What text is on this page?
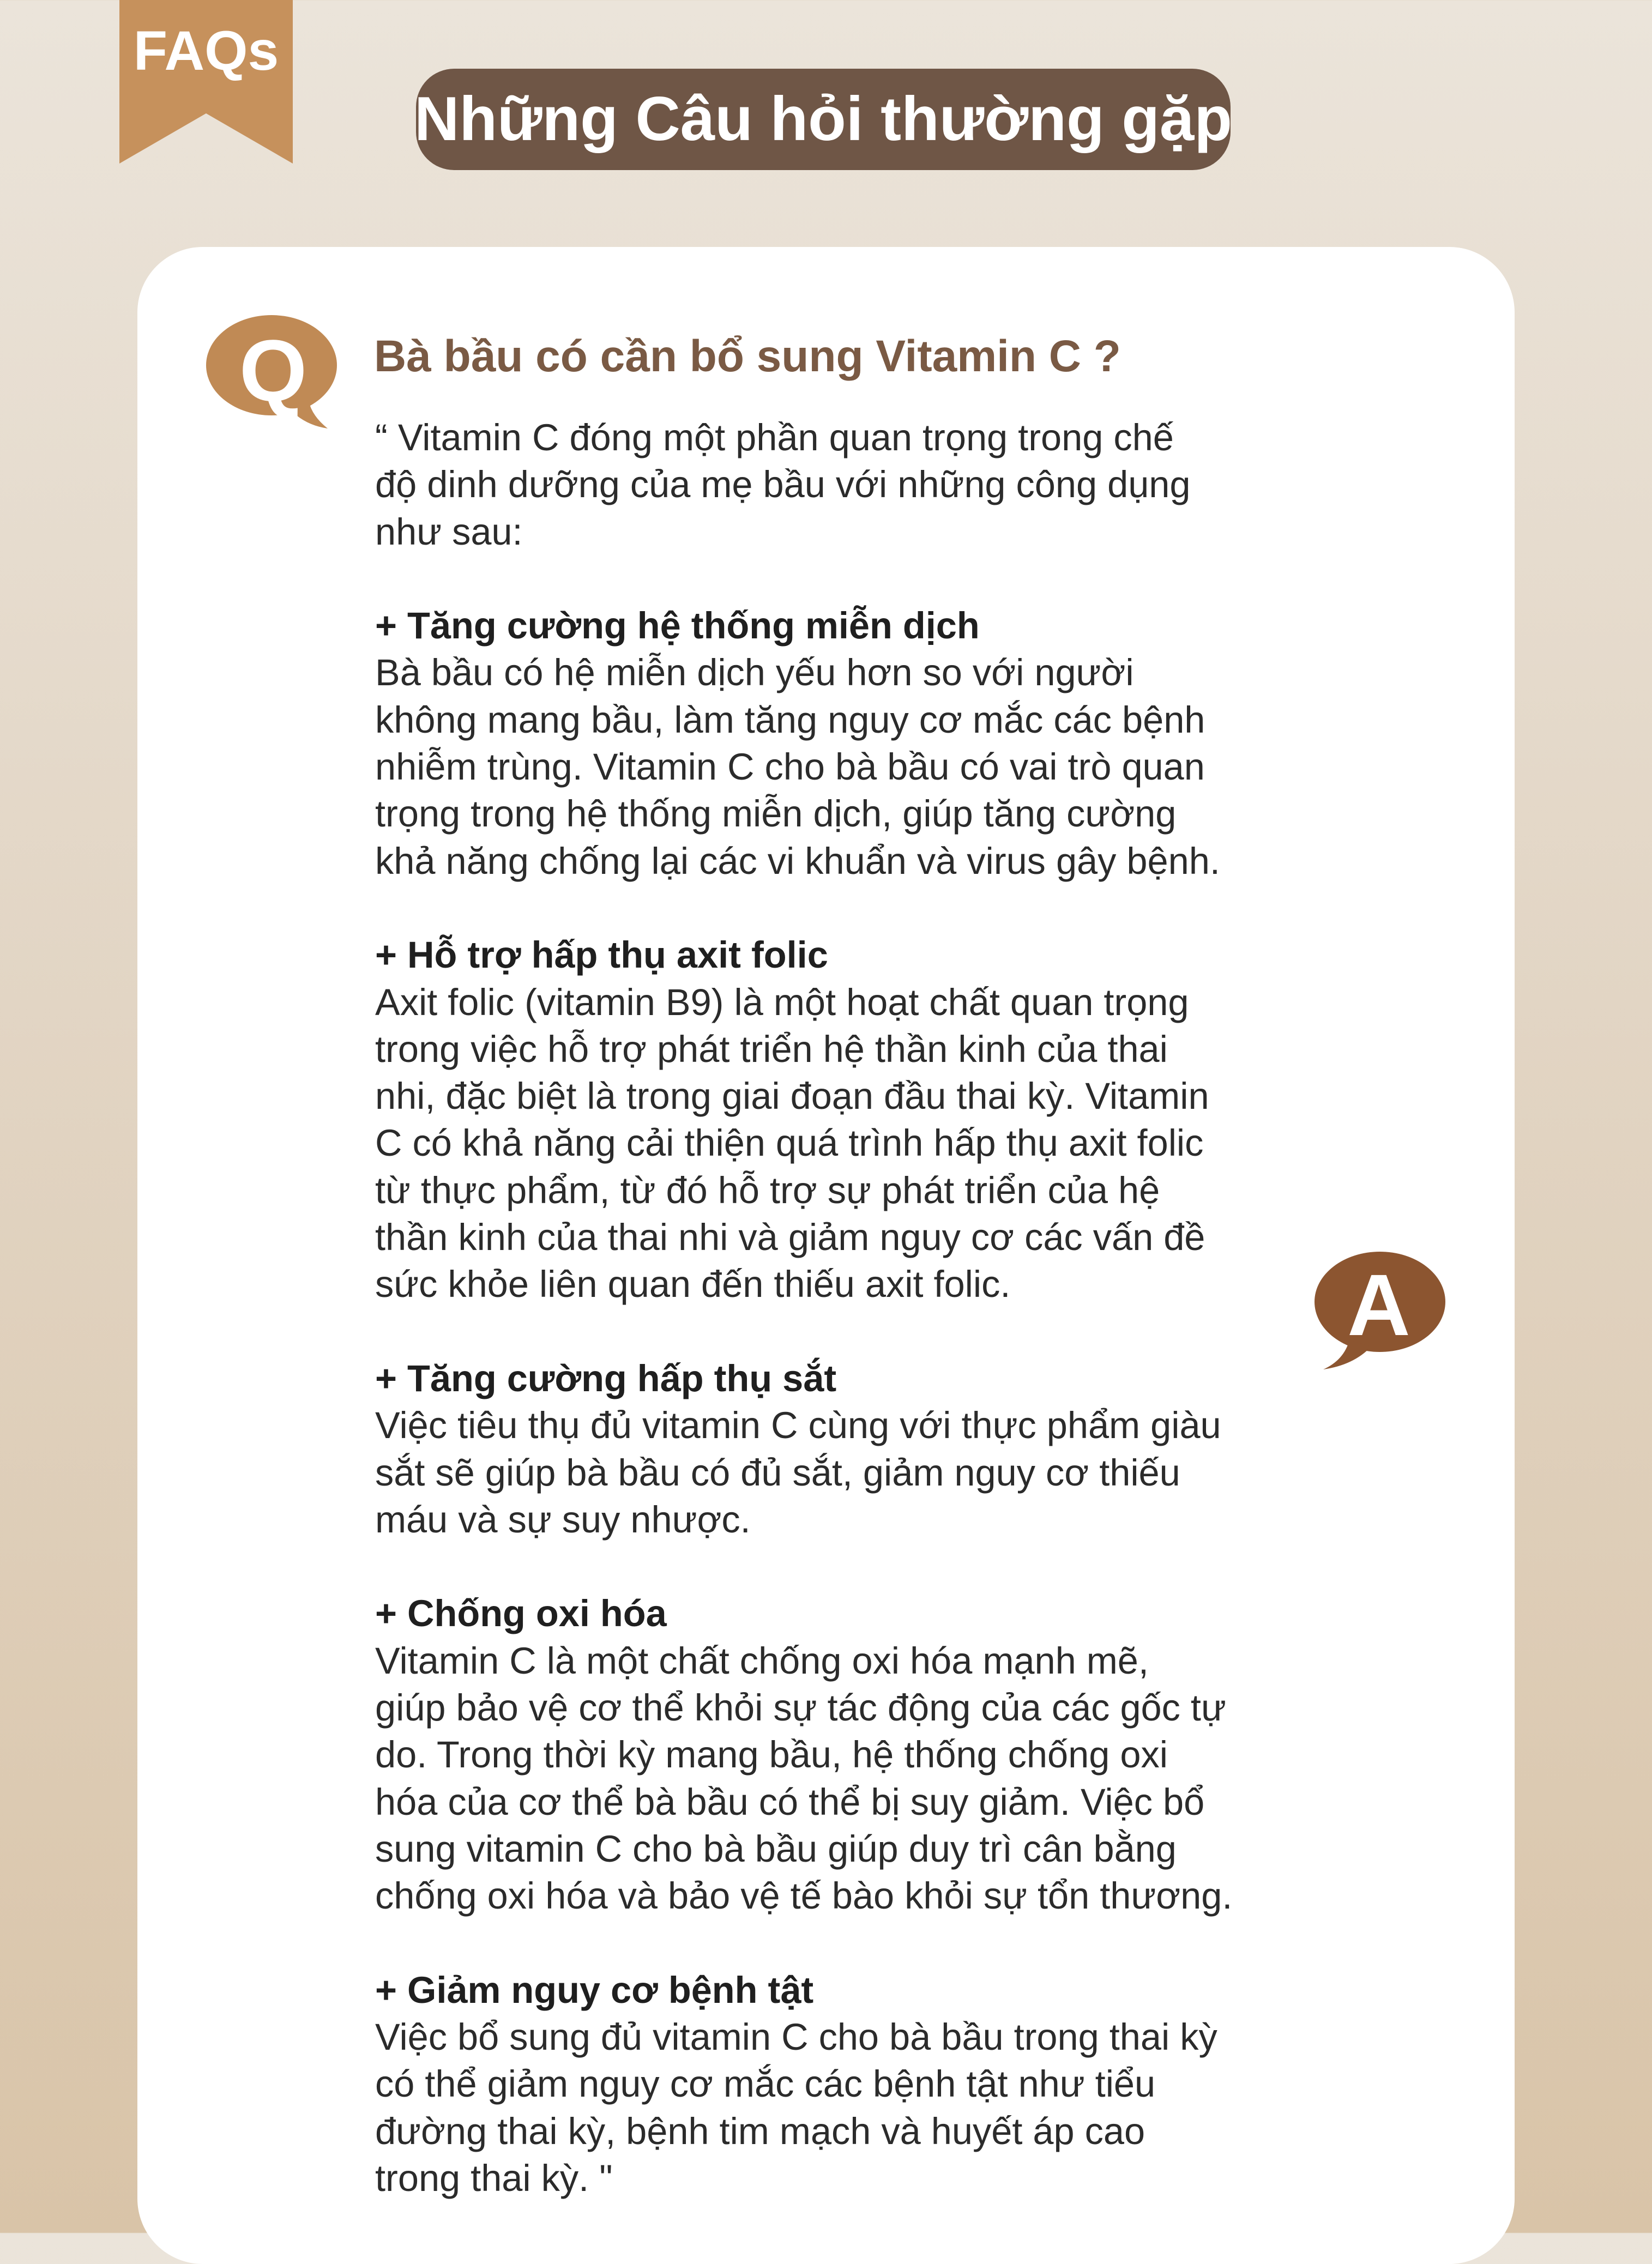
FAQs
Những Câu hỏi thường gặp
Q
A
Bà bầu có cần bổ sung Vitamin C ?
“ Vitamin C đóng một phần quan trọng trong chế
độ dinh dưỡng của mẹ bầu với những công dụng
như sau:
+ Tăng cường hệ thống miễn dịch
Bà bầu có hệ miễn dịch yếu hơn so với người
không mang bầu, làm tăng nguy cơ mắc các bệnh
nhiễm trùng. Vitamin C cho bà bầu có vai trò quan
trọng trong hệ thống miễn dịch, giúp tăng cường
khả năng chống lại các vi khuẩn và virus gây bệnh.
+ Hỗ trợ hấp thụ axit folic
Axit folic (vitamin B9) là một hoạt chất quan trọng
trong việc hỗ trợ phát triển hệ thần kinh của thai
nhi, đặc biệt là trong giai đoạn đầu thai kỳ. Vitamin
C có khả năng cải thiện quá trình hấp thụ axit folic
từ thực phẩm, từ đó hỗ trợ sự phát triển của hệ
thần kinh của thai nhi và giảm nguy cơ các vấn đề
sức khỏe liên quan đến thiếu axit folic.
+ Tăng cường hấp thụ sắt
Việc tiêu thụ đủ vitamin C cùng với thực phẩm giàu
sắt sẽ giúp bà bầu có đủ sắt, giảm nguy cơ thiếu
máu và sự suy nhược.
+ Chống oxi hóa
Vitamin C là một chất chống oxi hóa mạnh mẽ,
giúp bảo vệ cơ thể khỏi sự tác động của các gốc tự
do. Trong thời kỳ mang bầu, hệ thống chống oxi
hóa của cơ thể bà bầu có thể bị suy giảm. Việc bổ
sung vitamin C cho bà bầu giúp duy trì cân bằng
chống oxi hóa và bảo vệ tế bào khỏi sự tổn thương.
+ Giảm nguy cơ bệnh tật
Việc bổ sung đủ vitamin C cho bà bầu trong thai kỳ
có thể giảm nguy cơ mắc các bệnh tật như tiểu
đường thai kỳ, bệnh tim mạch và huyết áp cao
trong thai kỳ. "
